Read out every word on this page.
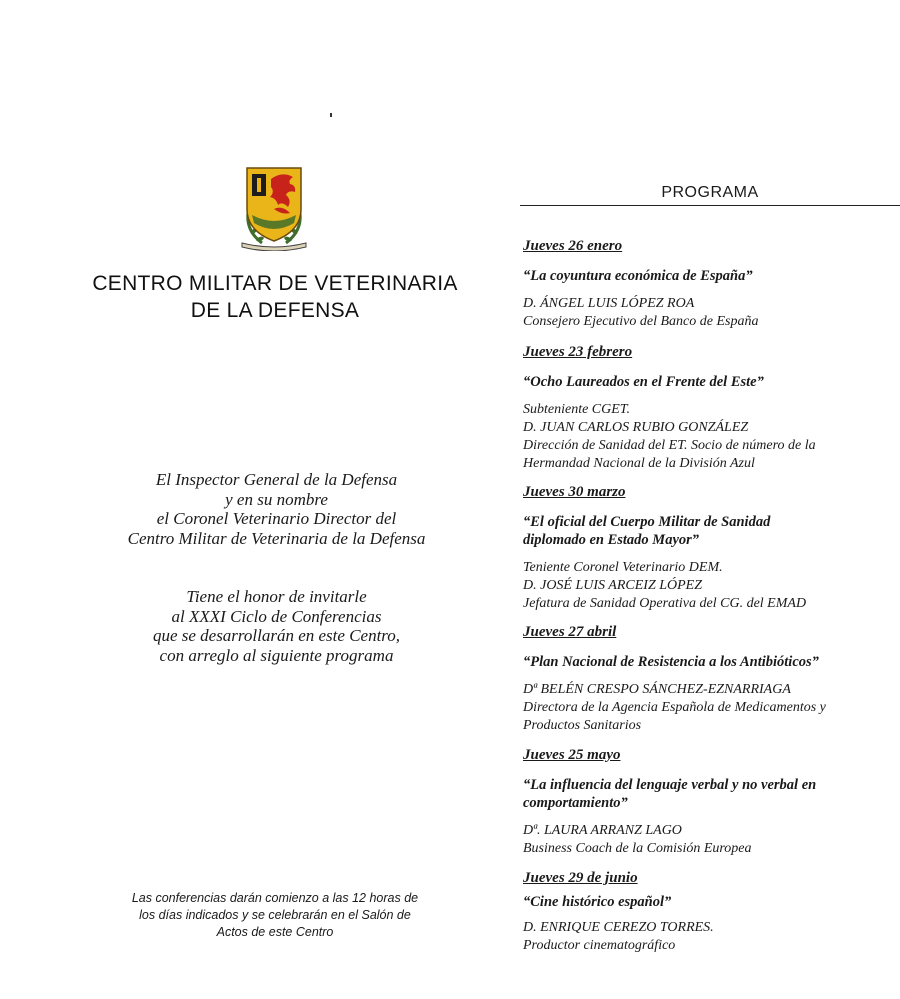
CENTRO MILITAR DE VETERINARIA
DE LA DEFENSA
El Inspector General de la Defensa
y en su nombre
el Coronel Veterinario Director del
Centro Militar de Veterinaria de la Defensa
Tiene el honor de invitarle
al XXXI Ciclo de Conferencias
que se desarrollarán en este Centro,
con arreglo al siguiente programa
Las conferencias darán comienzo a las 12 horas de
los días indicados y se celebrarán en el Salón de
Actos de este Centro
PROGRAMA
Jueves 26 enero
“La coyuntura económica de España”
D. ÁNGEL LUIS LÓPEZ ROA
Consejero Ejecutivo del Banco de España
Jueves 23 febrero
“Ocho Laureados en el Frente del Este”
Subteniente CGET.
D. JUAN CARLOS RUBIO GONZÁLEZ
Dirección de Sanidad del ET. Socio de número de la
Hermandad Nacional de la División Azul
Jueves 30 marzo
“El oficial del Cuerpo Militar de Sanidad
diplomado en Estado Mayor”
Teniente Coronel Veterinario DEM.
D. JOSÉ LUIS ARCEIZ LÓPEZ
Jefatura de Sanidad Operativa del CG. del EMAD
Jueves 27 abril
“Plan Nacional de Resistencia a los Antibióticos”
Dª BELÉN CRESPO SÁNCHEZ-EZNARRIAGA
Directora de la Agencia Española de Medicamentos y
Productos Sanitarios
Jueves 25 mayo
“La influencia del lenguaje verbal y no verbal en
comportamiento”
Dª. LAURA ARRANZ LAGO
Business Coach de la Comisión Europea
Jueves 29 de junio
“Cine histórico español”
D. ENRIQUE CEREZO TORRES.
Productor cinematográfico
